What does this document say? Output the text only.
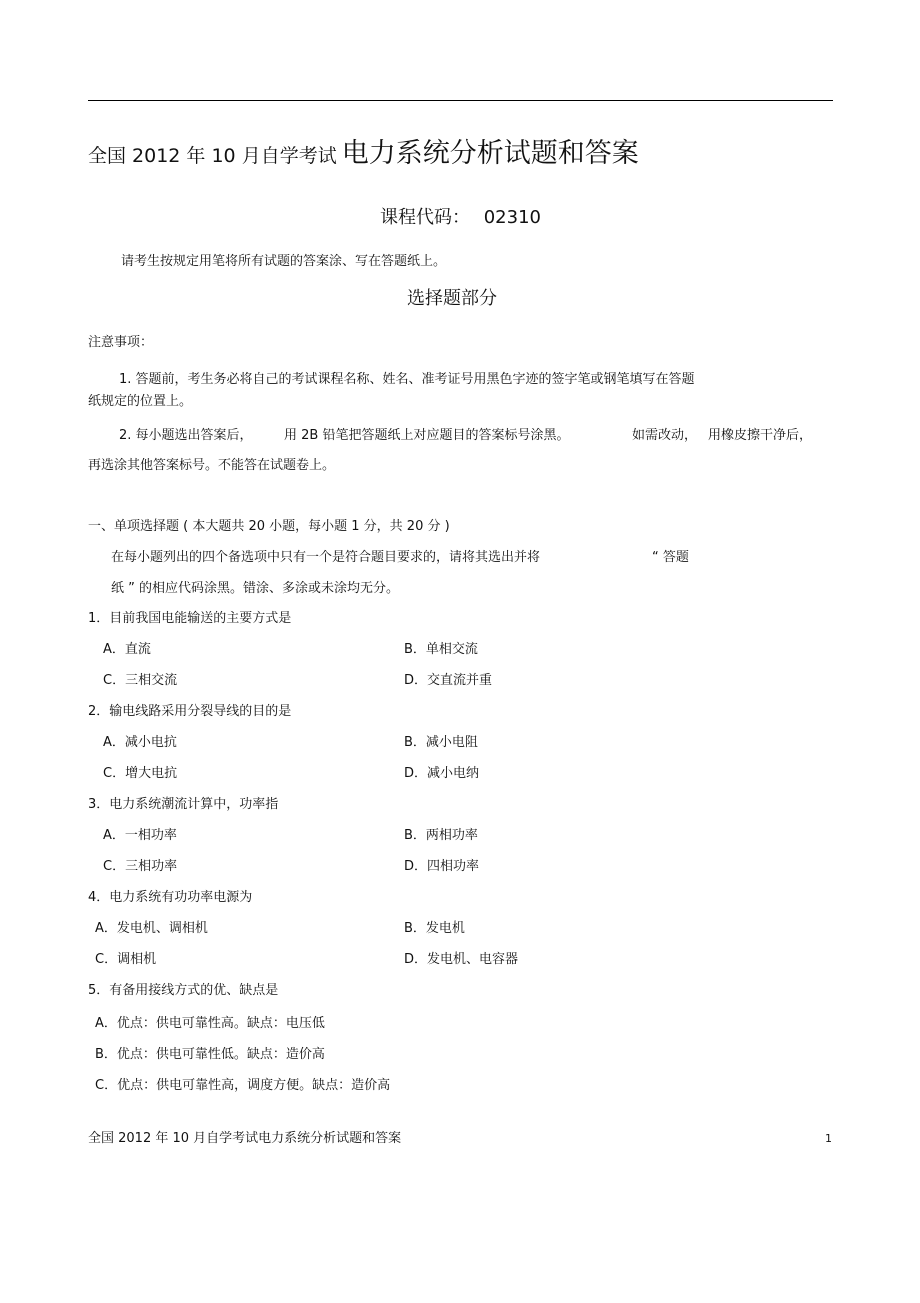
全国 2012 年 10 月自学考试 电力系统分析试题和答案
课程代码： 02310
请考生按规定用笔将所有试题的答案涂、写在答题纸上。
选择题部分
注意事项：
1. 答题前，考生务必将自己的考试课程名称、姓名、准考证号用黑色字迹的签字笔或钢笔填写在答题
纸规定的位置上。
2. 每小题选出答案后， 用 2B 铅笔把答题纸上对应题目的答案标号涂黑。	如需改动， 用橡皮擦干净后，
再选涂其他答案标号。不能答在试题卷上。
一、单项选择题 ( 本大题共 20 小题，每小题 1 分，共 20 分 )
在每小题列出的四个备选项中只有一个是符合题目要求的，请将其选出并将	“ 答题
纸 ” 的相应代码涂黑。错涂、多涂或未涂均无分。
1．目前我国电能输送的主要方式是
A．直流	B．单相交流
C．三相交流	D．交直流并重
2．输电线路采用分裂导线的目的是
A．减小电抗	B．减小电阻
C．增大电抗	D．减小电纳
3．电力系统潮流计算中，功率指
A．一相功率	B．两相功率
C．三相功率	D．四相功率
4．电力系统有功功率电源为
A．发电机、调相机	B．发电机
C．调相机	D．发电机、电容器
5．有备用接线方式的优、缺点是
A．优点：供电可靠性高。缺点：电压低
B．优点：供电可靠性低。缺点：造价高
C．优点：供电可靠性高，调度方便。缺点：造价高
全国 2012 年 10 月自学考试电力系统分析试题和答案	1
